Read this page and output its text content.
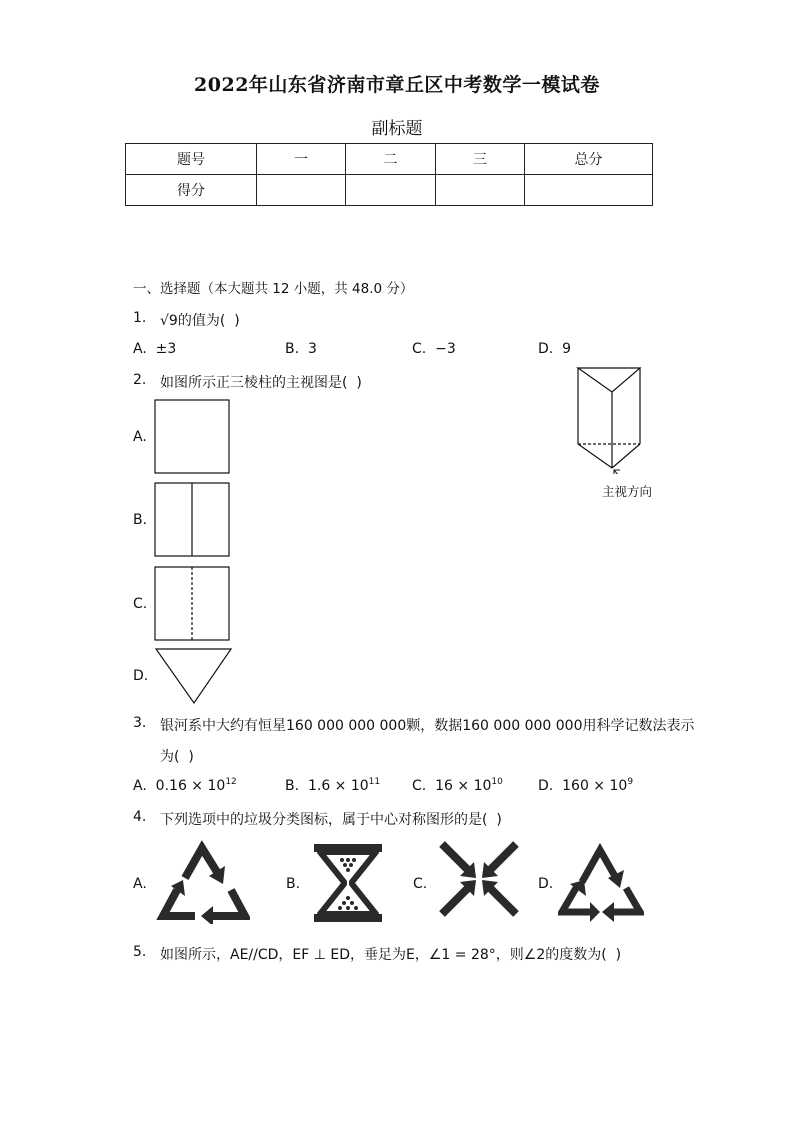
2022年山东省济南市章丘区中考数学一模试卷
副标题
题号	一	二	三	总分
得分				
一、选择题（本大题共 12 小题，共 48.0 分）
1. √9的值为(  )
A.  ±3	B.  3	C.  −3	D.  9
2. 如图所示正三棱柱的主视图是(  )
主视方向
A.
B.
C.
D.
3. 银河系中大约有恒星160 000 000 000颗，数据160 000 000 000用科学记数法表示
为(  )
A.  $0.16 \times 10^{12}$	B.  $1.6 \times 10^{11}$ C.  $16 \times 10^{10}$	D.  $160 \times 10^9$
4. 下列选项中的垃圾分类图标，属于中心对称图形的是(  )
A.	B.	C.	D.
5. 如图所示，AE//CD，EF ⊥ ED，垂足为E，∠1 = 28°，则∠2的度数为(  )
